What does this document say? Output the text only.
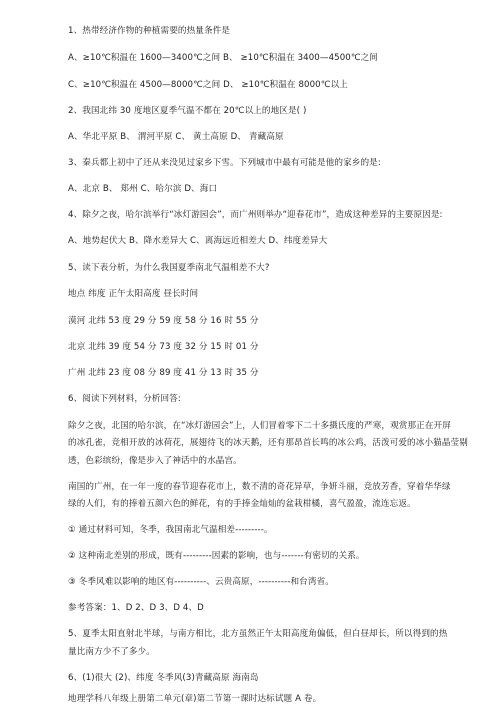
1、热带经济作物的种植需要的热量条件是
A、≥10℃积温在 1600—3400℃之间 B、 ≥10℃积温在 3400—4500℃之间
C、≥10℃积温在 4500—8000℃之间 D、 ≥10℃积温在 8000℃以上
2、我国北纬 30 度地区夏季气温不都在 20℃以上的地区是( )
A、华北平原 B、 渭河平原 C、 黄土高原 D、 青藏高原
3、秦兵都上初中了还从来没见过家乡下雪。下列城市中最有可能是他的家乡的是:
A、北京 B、 郑州 C、哈尔滨 D、海口
4、除夕之夜，哈尔滨举行“冰灯游园会”，而广州则举办“迎春花市”，造成这种差异的主要原因是:
A、地势起伏大 B、降水差异大 C、离海远近相差大 D、纬度差异大
5、读下表分析，为什么我国夏季南北气温相差不大?
地点 纬度 正午太阳高度 昼长时间
漠河 北纬 53 度 29 分 59 度 58 分 16 时 55 分
北京 北纬 39 度 54 分 73 度 32 分 15 时 01 分
广州 北纬 23 度 08 分 89 度 41 分 13 时 35 分
6、阅读下列材料，分析回答:
除夕之夜，北国的哈尔滨，在“冰灯游园会”上，人们冒着零下二十多摄氏度的严寒，观赏那正在开屏
的冰孔雀，竞相开放的冰荷花，展翅待飞的冰天鹅，还有那昂首长鸣的冰公鸡，活泼可爱的冰小猫晶莹剔
透，色彩缤纷，像是步入了神话中的水晶宫。
南国的广州，在一年一度的春节迎春花市上，数不清的奇花异草，争妍斗丽，竞放芳香，穿着华华绿
绿的人们，有的捧着五颜六色的鲜花，有的手捧金灿灿的盆栽柑橘，喜气盈盈，流连忘返。
① 通过材料可知，冬季，我国南北气温相差---------。
② 这种南北差别的形成，既有---------因素的影响，也与-------有密切的关系。
③ 冬季风难以影响的地区有----------、云贵高原，----------和台湾省。
参考答案：1、D 2、D 3、D 4、D
5、夏季太阳直射北半球，与南方相比，北方虽然正午太阳高度角偏低，但白昼却长，所以得到的热
量比南方少不了多少。
6、(1)很大 (2)、纬度 冬季风(3)青藏高原 海南岛
地理学科八年级上册第二单元(章)第二节第一课时达标试题 A 卷。
